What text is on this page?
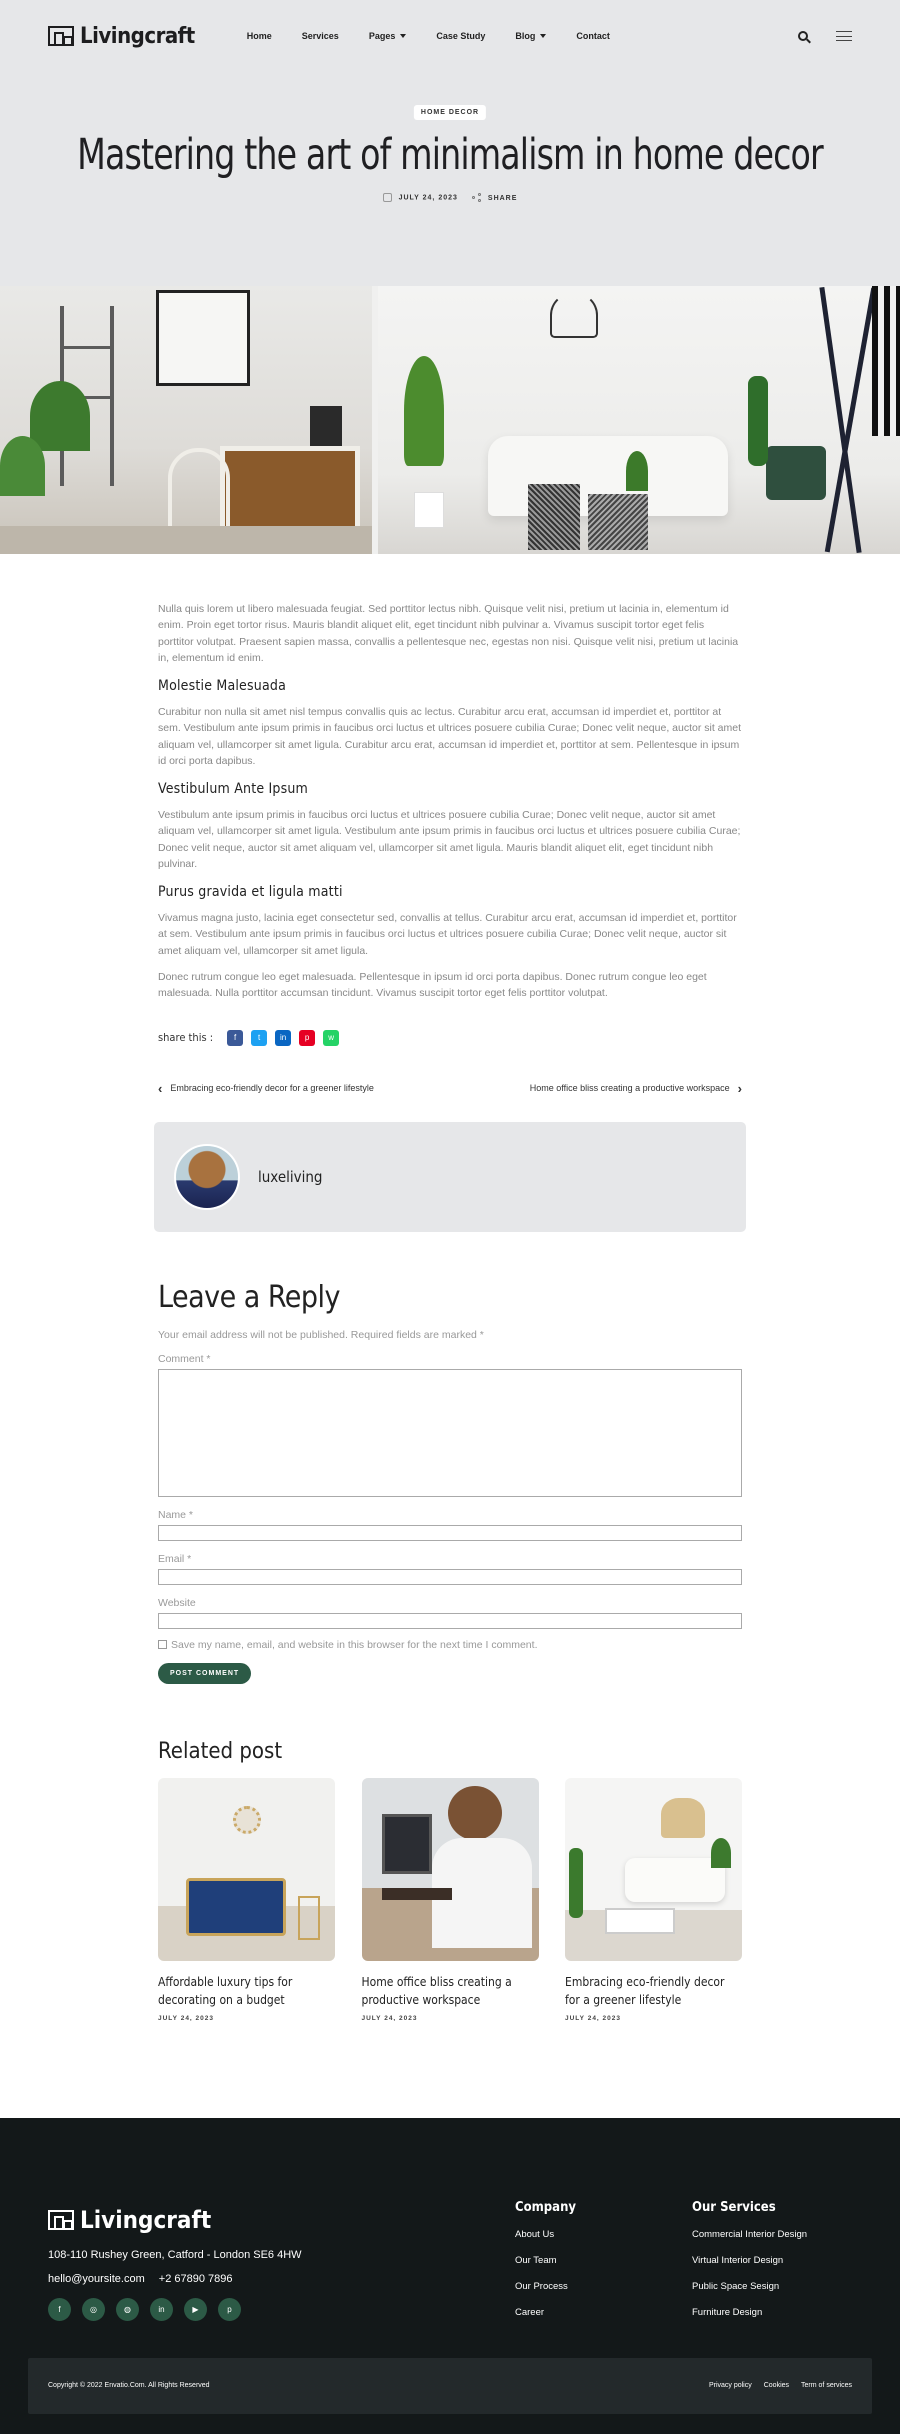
Livingcraft	Home	Services	Pages	Case Study	Blog	Contact
HOME DECOR
Mastering the art of minimalism in home decor
JULY 24, 2023	SHARE

Nulla quis lorem ut libero malesuada feugiat. Sed porttitor lectus nibh. Quisque velit nisi, pretium ut lacinia in, elementum id enim. Proin eget tortor risus. Mauris blandit aliquet elit, eget tincidunt nibh pulvinar a. Vivamus suscipit tortor eget felis porttitor volutpat. Praesent sapien massa, convallis a pellentesque nec, egestas non nisi. Quisque velit nisi, pretium ut lacinia in, elementum id enim.

Molestie Malesuada

Curabitur non nulla sit amet nisl tempus convallis quis ac lectus. Curabitur arcu erat, accumsan id imperdiet et, porttitor at sem. Vestibulum ante ipsum primis in faucibus orci luctus et ultrices posuere cubilia Curae; Donec velit neque, auctor sit amet aliquam vel, ullamcorper sit amet ligula. Curabitur arcu erat, accumsan id imperdiet et, porttitor at sem. Pellentesque in ipsum id orci porta dapibus.

Vestibulum Ante Ipsum

Vestibulum ante ipsum primis in faucibus orci luctus et ultrices posuere cubilia Curae; Donec velit neque, auctor sit amet aliquam vel, ullamcorper sit amet ligula. Vestibulum ante ipsum primis in faucibus orci luctus et ultrices posuere cubilia Curae; Donec velit neque, auctor sit amet aliquam vel, ullamcorper sit amet ligula. Mauris blandit aliquet elit, eget tincidunt nibh pulvinar.

Purus gravida et ligula matti

Vivamus magna justo, lacinia eget consectetur sed, convallis at tellus. Curabitur arcu erat, accumsan id imperdiet et, porttitor at sem. Vestibulum ante ipsum primis in faucibus orci luctus et ultrices posuere cubilia Curae; Donec velit neque, auctor sit amet aliquam vel, ullamcorper sit amet ligula.

Donec rutrum congue leo eget malesuada. Pellentesque in ipsum id orci porta dapibus. Donec rutrum congue leo eget malesuada. Nulla porttitor accumsan tincidunt. Vivamus suscipit tortor eget felis porttitor volutpat.

share this :	f	t	in	p	w
‹ Embracing eco-friendly decor for a greener lifestyle	Home office bliss creating a productive workspace ›
luxeliving
Leave a Reply
Your email address will not be published. Required fields are marked *
Comment *
Name *
Email *
Website
Save my name, email, and website in this browser for the next time I comment.
POST COMMENT
Related post
Affordable luxury tips for decorating on a budget
JULY 24, 2023
Home office bliss creating a productive workspace
JULY 24, 2023
Embracing eco-friendly decor for a greener lifestyle
JULY 24, 2023
Livingcraft
108-110 Rushey Green, Catford - London SE6 4HW
hello@yoursite.com +2 67890 7896
f	◎	◍	in	▶	p
Company
About Us
Our Team
Our Process
Career
Our Services
Commercial Interior Design
Virtual Interior Design
Public Space Sesign
Furniture Design
Copyright © 2022 Envatio.Com. All Rights Reserved	Privacy policy Cookies Term of services
